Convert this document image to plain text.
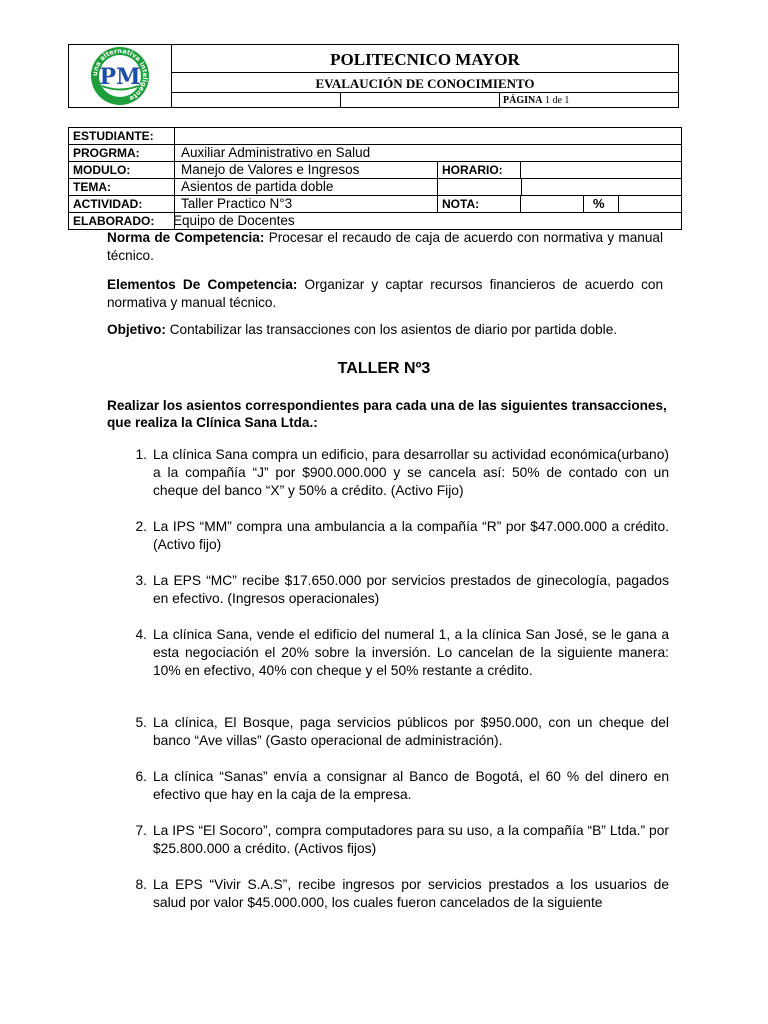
una alternativa inteligente
PM
POLITECNICO MAYOR
EVALAUCIÓN DE CONOCIMIENTO
PÁGINA 1 de 1
ESTUDIANTE:
PROGRMA:	Auxiliar Administrativo en Salud
MODULO:	Manejo de Valores e Ingresos	HORARIO:
TEMA:	Asientos de partida doble
ACTIVIDAD:	Taller Practico N°3	NOTA:	%
ELABORADO:	Equipo de Docentes
Norma de Competencia: Procesar el recaudo de caja de acuerdo con normativa y manual técnico.
Elementos De Competencia: Organizar y captar recursos financieros de acuerdo con normativa y manual técnico.
Objetivo: Contabilizar las transacciones con los asientos de diario por partida doble.
TALLER Nº3
Realizar los asientos correspondientes para cada una de las siguientes transacciones, que realiza la Clínica Sana Ltda.:
1. La clínica Sana compra un edificio, para desarrollar su actividad económica(urbano) a la compañía “J” por $900.000.000 y se cancela así: 50% de contado con un cheque del banco “X” y 50% a crédito. (Activo Fijo)
2. La IPS “MM” compra una ambulancia a la compañía “R” por $47.000.000 a crédito. (Activo fijo)
3. La EPS “MC” recibe $17.650.000 por servicios prestados de ginecología, pagados en efectivo. (Ingresos operacionales)
4. La clínica Sana, vende el edificio del numeral 1, a la clínica San José, se le gana a esta negociación el 20% sobre la inversión. Lo cancelan de la siguiente manera: 10% en efectivo, 40% con cheque y el 50% restante a crédito.
5. La clínica, El Bosque, paga servicios públicos por $950.000, con un cheque del banco “Ave villas” (Gasto operacional de administración).
6. La clínica “Sanas” envía a consignar al Banco de Bogotá, el 60 % del dinero en efectivo que hay en la caja de la empresa.
7. La IPS “El Socoro”, compra computadores para su uso, a la compañía “B” Ltda.” por $25.800.000 a crédito. (Activos fijos)
8. La EPS “Vivir S.A.S”, recibe ingresos por servicios prestados a los usuarios de salud por valor $45.000.000, los cuales fueron cancelados de la siguiente
